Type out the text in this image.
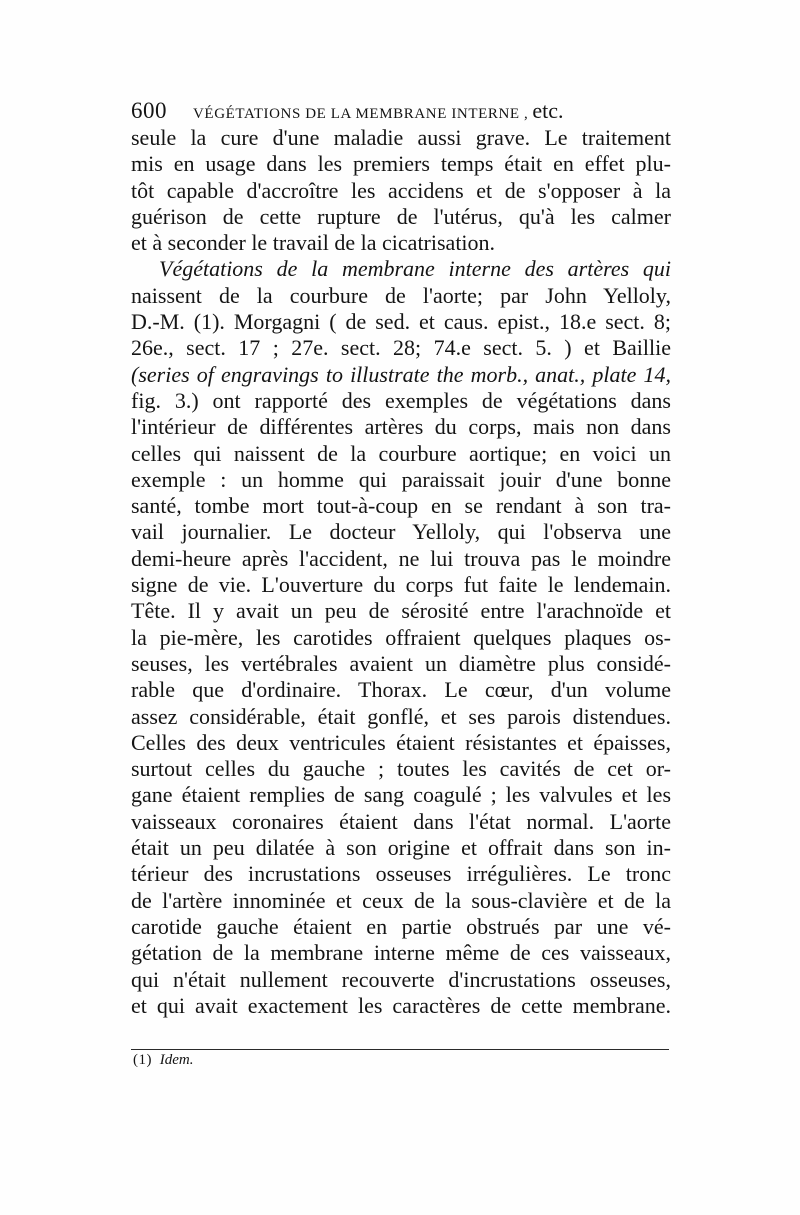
600 VÉGÉTATIONS DE LA MEMBRANE INTERNE , etc.
seule la cure d'une maladie aussi grave. Le traitement
mis en usage dans les premiers temps était en effet plu-
tôt capable d'accroître les accidens et de s'opposer à la
guérison de cette rupture de l'utérus, qu'à les calmer
et à seconder le travail de la cicatrisation.
Végétations de la membrane interne des artères qui
naissent de la courbure de l'aorte; par John Yelloly,
D.-M. (1). Morgagni ( de sed. et caus. epist., 18.e sect. 8;
26e., sect. 17 ; 27e. sect. 28; 74.e sect. 5. ) et Baillie
(series of engravings to illustrate the morb., anat., plate 14,
fig. 3.) ont rapporté des exemples de végétations dans
l'intérieur de différentes artères du corps, mais non dans
celles qui naissent de la courbure aortique; en voici un
exemple : un homme qui paraissait jouir d'une bonne
santé, tombe mort tout-à-coup en se rendant à son tra-
vail journalier. Le docteur Yelloly, qui l'observa une
demi-heure après l'accident, ne lui trouva pas le moindre
signe de vie. L'ouverture du corps fut faite le lendemain.
Tête. Il y avait un peu de sérosité entre l'arachnoïde et
la pie-mère, les carotides offraient quelques plaques os-
seuses, les vertébrales avaient un diamètre plus considé-
rable que d'ordinaire. Thorax. Le cœur, d'un volume
assez considérable, était gonflé, et ses parois distendues.
Celles des deux ventricules étaient résistantes et épaisses,
surtout celles du gauche ; toutes les cavités de cet or-
gane étaient remplies de sang coagulé ; les valvules et les
vaisseaux coronaires étaient dans l'état normal. L'aorte
était un peu dilatée à son origine et offrait dans son in-
térieur des incrustations osseuses irrégulières. Le tronc
de l'artère innominée et ceux de la sous-clavière et de la
carotide gauche étaient en partie obstrués par une vé-
gétation de la membrane interne même de ces vaisseaux,
qui n'était nullement recouverte d'incrustations osseuses,
et qui avait exactement les caractères de cette membrane.
(1) Idem.
